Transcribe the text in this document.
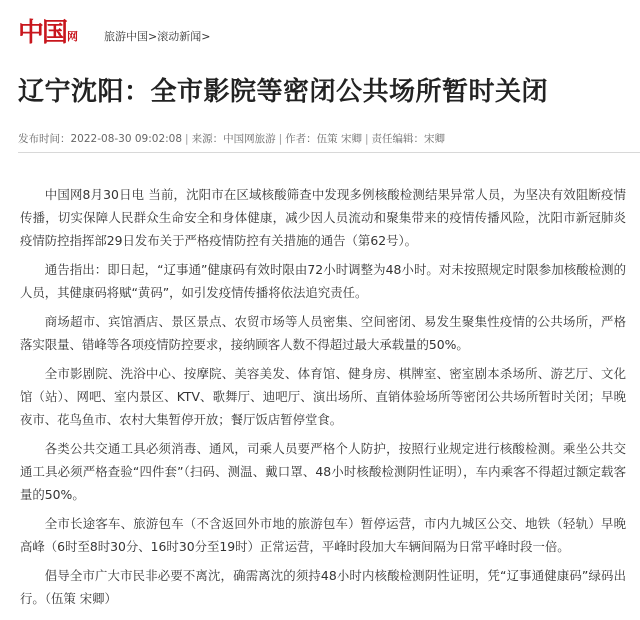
中国 网 旅游中国 > 滚动新闻 >
辽宁沈阳：全市影院等密闭公共场所暂时关闭
发布时间： 2022-08-30 09:02:08 | 来源： 中国网旅游 | 作者： 伍策 宋卿 | 责任编辑： 宋卿

中国网8月30日电 当前，沈阳市在区域核酸筛查中发现多例核酸检测结果异常人员，为坚决有效阻断疫情传播，切实保障人民群众生命安全和身体健康，减少因人员流动和聚集带来的疫情传播风险，沈阳市新冠肺炎疫情防控指挥部29日发布关于严格疫情防控有关措施的通告（第62号）。

通告指出：即日起，“辽事通”健康码有效时限由72小时调整为48小时。对未按照规定时限参加核酸检测的人员，其健康码将赋“黄码”，如引发疫情传播将依法追究责任。

商场超市、宾馆酒店、景区景点、农贸市场等人员密集、空间密闭、易发生聚集性疫情的公共场所，严格落实限量、错峰等各项疫情防控要求，接纳顾客人数不得超过最大承载量的50%。

全市影剧院、洗浴中心、按摩院、美容美发、体育馆、健身房、棋牌室、密室剧本杀场所、游艺厅、文化馆（站）、网吧、室内景区、KTV、歌舞厅、迪吧厅、演出场所、直销体验场所等密闭公共场所暂时关闭；早晚夜市、花鸟鱼市、农村大集暂停开放；餐厅饭店暂停堂食。

各类公共交通工具必须消毒、通风，司乘人员要严格个人防护，按照行业规定进行核酸检测。乘坐公共交通工具必须严格查验“四件套”（扫码、测温、戴口罩、48小时核酸检测阴性证明），车内乘客不得超过额定载客量的50%。

全市长途客车、旅游包车（不含返回外市地的旅游包车）暂停运营，市内九城区公交、地铁（轻轨）早晚高峰（6时至8时30分、16时30分至19时）正常运营，平峰时段加大车辆间隔为日常平峰时段一倍。

倡导全市广大市民非必要不离沈，确需离沈的须持48小时内核酸检测阴性证明，凭“辽事通健康码”绿码出行。（伍策 宋卿）
